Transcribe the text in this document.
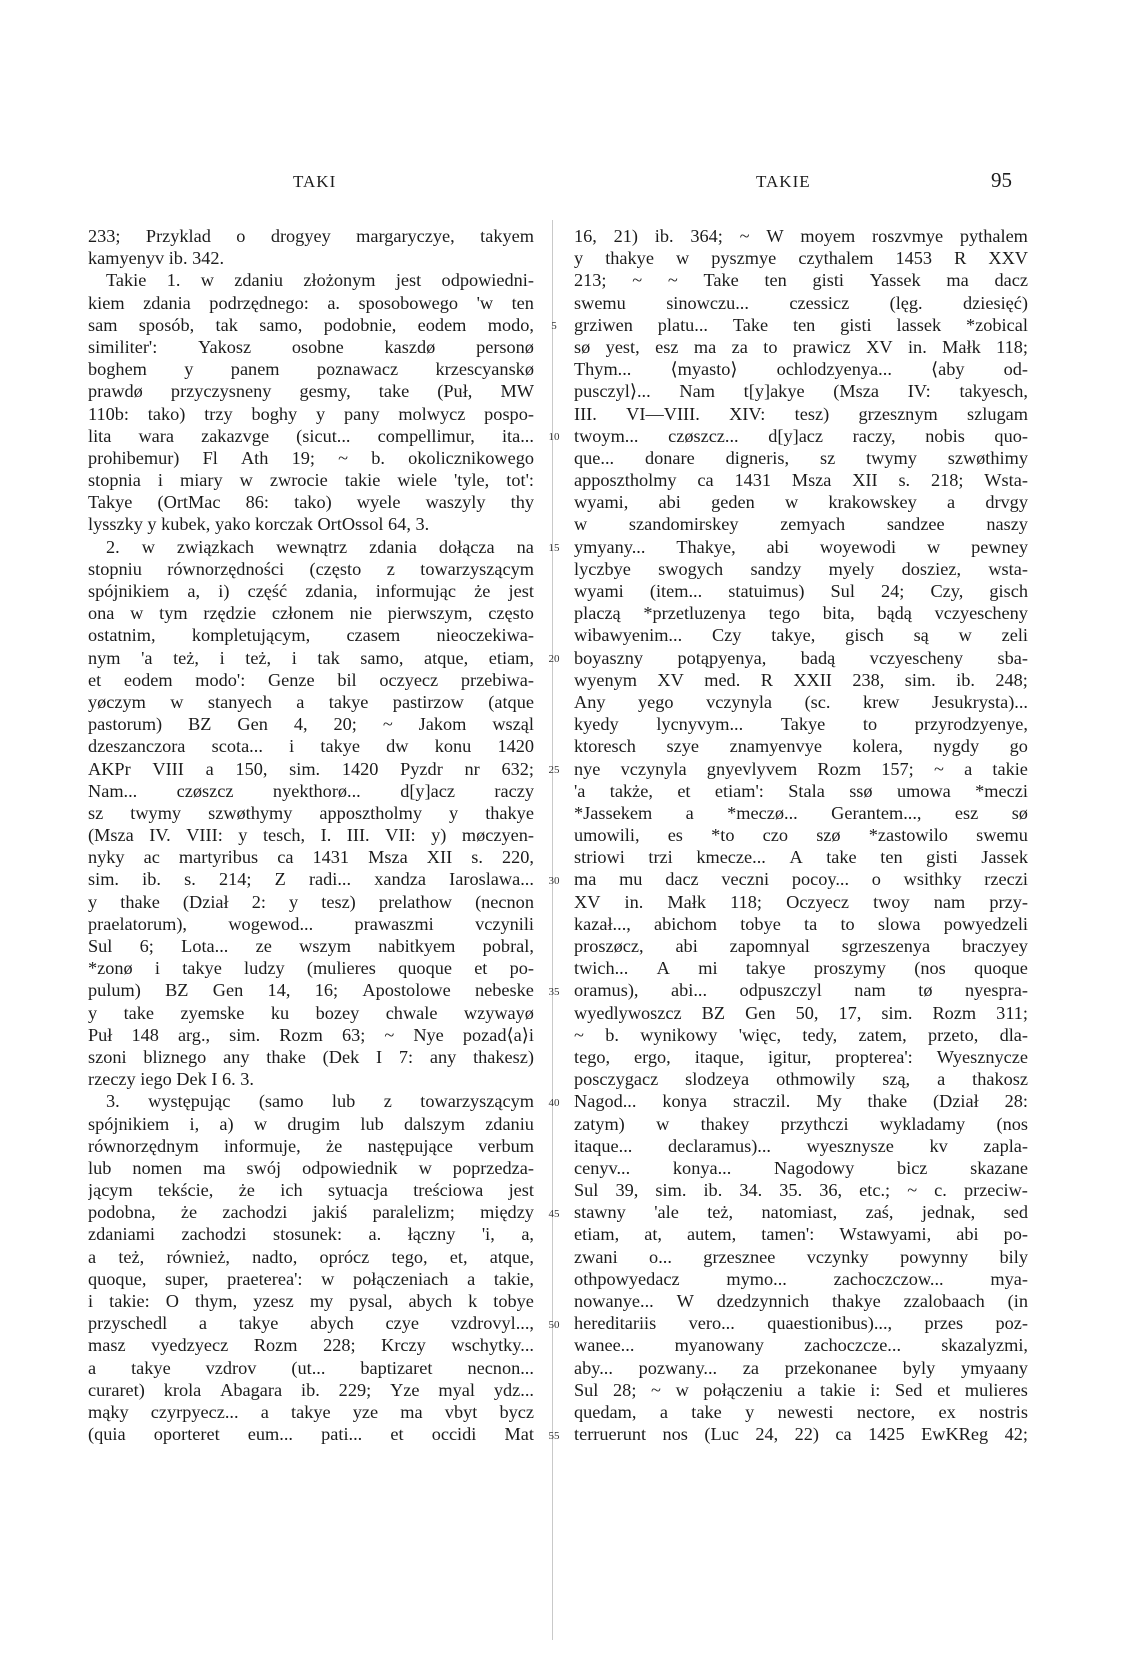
TAKI	TAKIE	95
233; Przyklad o drogyey margaryczye, takyem
kamyenyv ib. 342.
Takie 1. w zdaniu złożonym jest odpowiedni-
kiem zdania podrzędnego: a. sposobowego 'w ten
sam sposób, tak samo, podobnie, eodem modo,
similiter': Yakosz osobne kaszdø personø
boghem y panem poznawacz krzescyanskø
prawdø przyczysneny gesmy, take (Puł, MW
110b: tako) trzy boghy y pany molwycz pospo-
lita wara zakazvge (sicut... compellimur, ita...
prohibemur) Fl Ath 19; ~ b. okolicznikowego
stopnia i miary w zwrocie takie wiele 'tyle, tot':
Takye (OrtMac 86: tako) wyele waszyly thy
lysszky y kubek, yako korczak OrtOssol 64, 3.
2. w związkach wewnątrz zdania dołącza na
stopniu równorzędności (często z towarzyszącym
spójnikiem a, i) część zdania, informując że jest
ona w tym rzędzie członem nie pierwszym, często
ostatnim, kompletującym, czasem nieoczekiwa-
nym 'a też, i też, i tak samo, atque, etiam,
et eodem modo': Genze bil oczyecz przebiwa-
yøczym w stanyech a takye pastirzow (atque
pastorum) BZ Gen 4, 20; ~ Jakom wsząl
dzeszanczora scota... i takye dw konu 1420
AKPr VIII a 150, sim. 1420 Pyzdr nr 632;
Nam... czøszcz nyekthorø... d[y]acz raczy
sz twymy szwøthymy apposztholmy y thakye
(Msza IV. VIII: y tesch, I. III. VII: y) møczyen-
nyky ac martyribus ca 1431 Msza XII s. 220,
sim. ib. s. 214; Z radi... xandza Iaroslawa...
y thake (Dział 2: y tesz) prelathow (necnon
praelatorum), wogewod... prawaszmi vczynili
Sul 6; Lota... ze wszym nabitkyem pobral,
*zonø i takye ludzy (mulieres quoque et po-
pulum) BZ Gen 14, 16; Apostolowe nebeske
y take zyemske ku bozey chwale wzywayø
Puł 148 arg., sim. Rozm 63; ~ Nye pozad⟨a⟩i
szoni bliznego any thake (Dek I 7: any thakesz)
rzeczy iego Dek I 6. 3.
3. występując (samo lub z towarzyszącym
spójnikiem i, a) w drugim lub dalszym zdaniu
równorzędnym informuje, że następujące verbum
lub nomen ma swój odpowiednik w poprzedza-
jącym tekście, że ich sytuacja treściowa jest
podobna, że zachodzi jakiś paralelizm; między
zdaniami zachodzi stosunek: a. łączny 'i, a,
a też, również, nadto, oprócz tego, et, atque,
quoque, super, praeterea': w połączeniach a takie,
i takie: O thym, yzesz my pysal, abych k tobye
przyschedl a takye abych czye vzdrovyl...,
masz vyedzyecz Rozm 228; Krczy wschytky...
a takye vzdrov (ut... baptizaret necnon...
curaret) krola Abagara ib. 229; Yze myal ydz...
mąky czyrpyecz... a takye yze ma vbyt bycz
(quia oporteret eum... pati... et occidi Mat
5
10
15
20
25
30
35
40
45
50
55
16, 21) ib. 364; ~ W moyem roszvmye pythalem
y thakye w pyszmye czythalem 1453 R XXV
213; ~ ~ Take ten gisti Yassek ma dacz
swemu sinowczu... czessicz (lęg. dziesięć)
grziwen platu... Take ten gisti lassek *zobical
sø yest, esz ma za to prawicz XV in. Małk 118;
Thym... ⟨myasto⟩ ochlodzyenya... ⟨aby od-
pusczyl⟩... Nam t[y]akye (Msza IV: takyesch,
III. VI—VIII. XIV: tesz) grzesznym szlugam
twoym... czøszcz... d[y]acz raczy, nobis quo-
que... donare digneris, sz twymy szwøthimy
apposztholmy ca 1431 Msza XII s. 218; Wsta-
wyami, abi geden w krakowskey a drvgy
w szandomirskey zemyach sandzee naszy
ymyany... Thakye, abi woyewodi w pewney
lyczbye swogych sandzy myely dosziez, wsta-
wyami (item... statuimus) Sul 24; Czy, gisch
placzą *przetluzenya tego bita, bądą vczyescheny
wibawyenim... Czy takye, gisch są w zeli
boyaszny potąpyenya, badą vczyescheny sba-
wyenym XV med. R XXII 238, sim. ib. 248;
Any yego vczynyla (sc. krew Jesukrysta)...
kyedy lycnyvym... Takye to przyrodzyenye,
ktoresch szye znamyenvye kolera, nygdy go
nye vczynyla gnyevlyvem Rozm 157; ~ a takie
'a także, et etiam': Stala ssø umowa *meczi
*Jassekem a *meczø... Gerantem..., esz sø
umowili, es *to czo szø *zastowilo swemu
striowi trzi kmecze... A take ten gisti Jassek
ma mu dacz veczni pocoy... o wsithky rzeczi
XV in. Małk 118; Oczyecz twoy nam przy-
kazał..., abichom tobye ta to slowa powyedzeli
proszøcz, abi zapomnyal sgrzeszenya braczyey
twich... A mi takye proszymy (nos quoque
oramus), abi... odpuszczyl nam tø nyespra-
wyedlywoszcz BZ Gen 50, 17, sim. Rozm 311;
~ b. wynikowy 'więc, tedy, zatem, przeto, dla-
tego, ergo, itaque, igitur, propterea': Wyesznycze
posczygacz slodzeya othmowily szą, a thakosz
Nagod... konya straczil. My thake (Dział 28:
zatym) w thakey przythczi wykladamy (nos
itaque... declaramus)... wyesznysze kv zapla-
cenyv... konya... Nagodowy bicz skazane
Sul 39, sim. ib. 34. 35. 36, etc.; ~ c. przeciw-
stawny 'ale też, natomiast, zaś, jednak, sed
etiam, at, autem, tamen': Wstawyami, abi po-
zwani o... grzesznee vczynky powynny bily
othpowyedacz	mymo...	zachoczczow...	mya-
nowanye... W dzedzynnich thakye zzalobaach (in
hereditariis vero... quaestionibus)..., przes poz-
wanee... myanowany zachoczcze... skazalyzmi,
aby... pozwany... za przekonanee byly ymyaany
Sul 28; ~ w połączeniu a takie i: Sed et mulieres
quedam, a take y newesti nectore, ex nostris
terruerunt nos (Luc 24, 22) ca 1425 EwKReg 42;
